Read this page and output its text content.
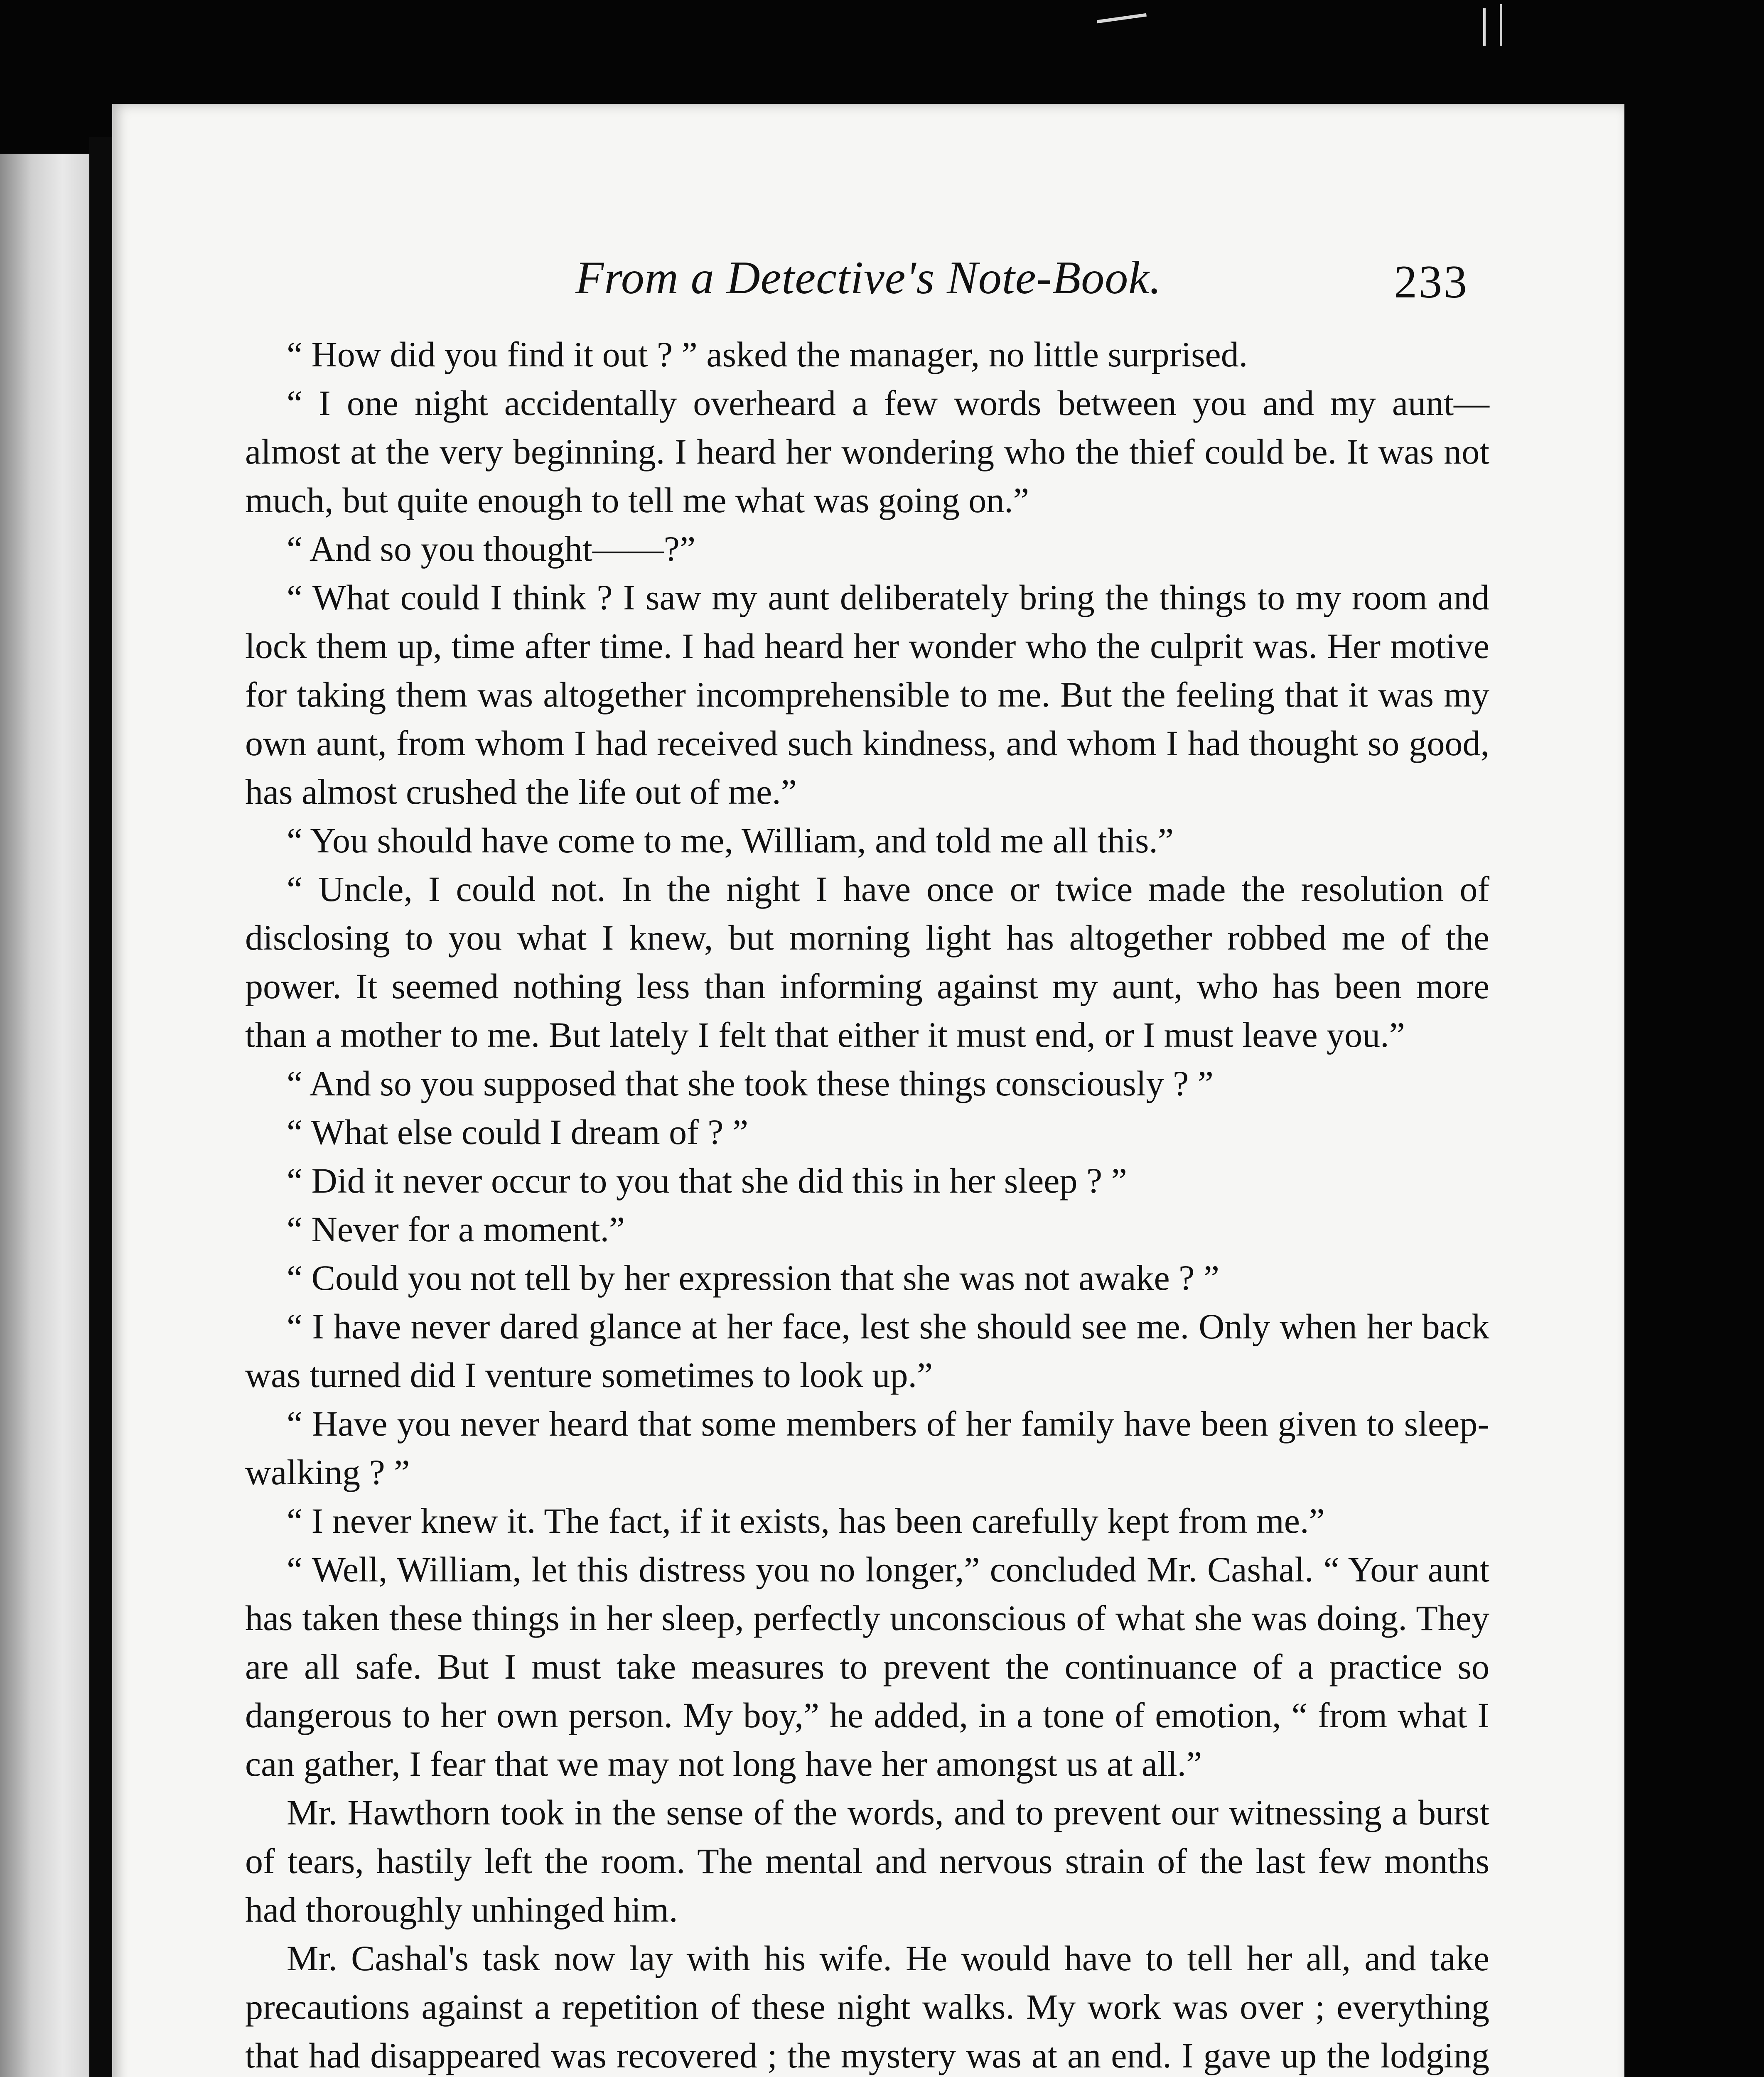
From a Detective's Note-Book.	233

“ How did you find it out ? ” asked the manager, no little surprised.

“ I one night accidentally overheard a few words between you and my aunt—almost at the very beginning. I heard her wondering who the thief could be. It was not much, but quite enough to tell me what was going on.”

“ And so you thought——?”

“ What could I think ? I saw my aunt deliberately bring the things to my room and lock them up, time after time. I had heard her wonder who the culprit was. Her motive for taking them was altogether incomprehensible to me. But the feeling that it was my own aunt, from whom I had received such kindness, and whom I had thought so good, has almost crushed the life out of me.”

“ You should have come to me, William, and told me all this.”

“ Uncle, I could not. In the night I have once or twice made the resolution of disclosing to you what I knew, but morning light has altogether robbed me of the power. It seemed nothing less than informing against my aunt, who has been more than a mother to me. But lately I felt that either it must end, or I must leave you.”

“ And so you supposed that she took these things consciously ? ”

“ What else could I dream of ? ”

“ Did it never occur to you that she did this in her sleep ? ”

“ Never for a moment.”

“ Could you not tell by her expression that she was not awake ? ”

“ I have never dared glance at her face, lest she should see me. Only when her back was turned did I venture sometimes to look up.”

“ Have you never heard that some members of her family have been given to sleep-walking ? ”

“ I never knew it. The fact, if it exists, has been carefully kept from me.”

“ Well, William, let this distress you no longer,” concluded Mr. Cashal. “ Your aunt has taken these things in her sleep, perfectly unconscious of what she was doing. They are all safe. But I must take measures to prevent the continuance of a practice so dangerous to her own person. My boy,” he added, in a tone of emotion, “ from what I can gather, I fear that we may not long have her amongst us at all.”

Mr. Hawthorn took in the sense of the words, and to prevent our witnessing a burst of tears, hastily left the room. The mental and nervous strain of the last few months had thoroughly unhinged him.

Mr. Cashal's task now lay with his wife. He would have to tell her all, and take precautions against a repetition of these night walks. My work was over ; everything that had disappeared was recovered ; the mystery was at an end. I gave up the lodging
